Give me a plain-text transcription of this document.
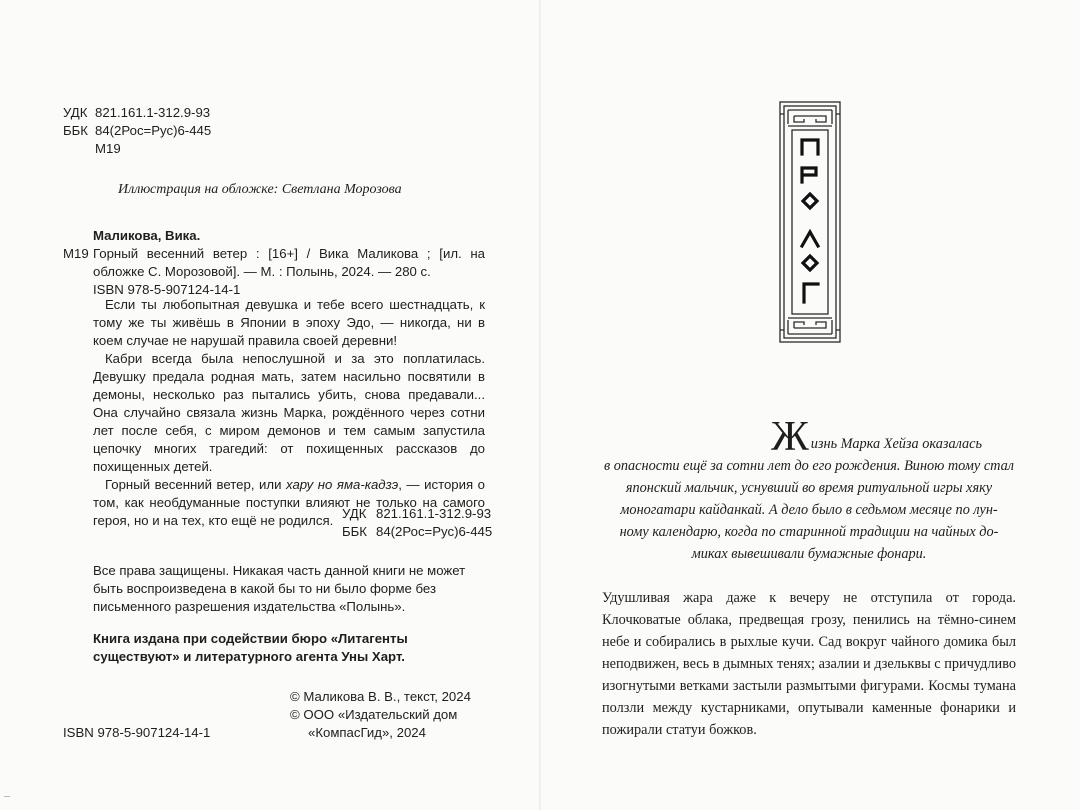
УДК 821.161.1-312.9-93
ББК 84(2Рос=Рус)6-445
М19
Иллюстрация на обложке: Светлана Морозова
Маликова, Вика.
М19 Горный весенний ветер : [16+] / Вика Маликова ; [ил. на обложке С. Морозовой]. — М. : Полынь, 2024. — 280 с.
ISBN 978-5-907124-14-1

Если ты любопытная девушка и тебе всего шестнадцать, к тому же ты живёшь в Японии в эпоху Эдо, — никогда, ни в коем случае не нарушай правила своей деревни!

Кабри всегда была непослушной и за это поплатилась. Девушку предала родная мать, затем насильно посвятили в демоны, несколько раз пытались убить, снова предавали... Она случайно связала жизнь Марка, рождённого через сотни лет после себя, с миром демонов и тем самым запустила цепочку многих трагедий: от похищенных рассказов до похищенных детей.

Горный весенний ветер, или хару но яма-кадзэ, — история о том, как необдуманные поступки влияют не только на самого героя, но и на тех, кто ещё не родился. УДК 821.161.1-312.9-93
ББК 84(2Рос=Рус)6-445
Все права защищены. Никакая часть данной книги не может быть воспроизведена в какой бы то ни было форме без письменного разрешения издательства «Полынь».
Книга издана при содействии бюро «Литагенты существуют» и литературного агента Уны Харт.
© Маликова В. В., текст, 2024
© ООО «Издательский дом
«КомпасГид», 2024
ISBN 978-5-907124-14-1

Жизнь Марка Хейза оказалась
в опасности ещё за сотни лет до его рождения. Виною тому стал
японский мальчик, уснувший во время ритуальной игры хяку
моногатари кайданкай. А дело было в седьмом месяце по лун-
ному календарю, когда по старинной традиции на чайных до-
миках вывешивали бумажные фонари.

Удушливая жара даже к вечеру не отступила от города. Клочковатые облака, предвещая грозу, пенились на тёмно-синем небе и собирались в рыхлые кучи. Сад вокруг чайного домика был неподвижен, весь в дымных тенях; азалии и дзельквы с причудливо изогнутыми ветками застыли размытыми фигурами. Космы тумана ползли между кустарниками, опутывали каменные фонарики и пожирали статуи божков.
